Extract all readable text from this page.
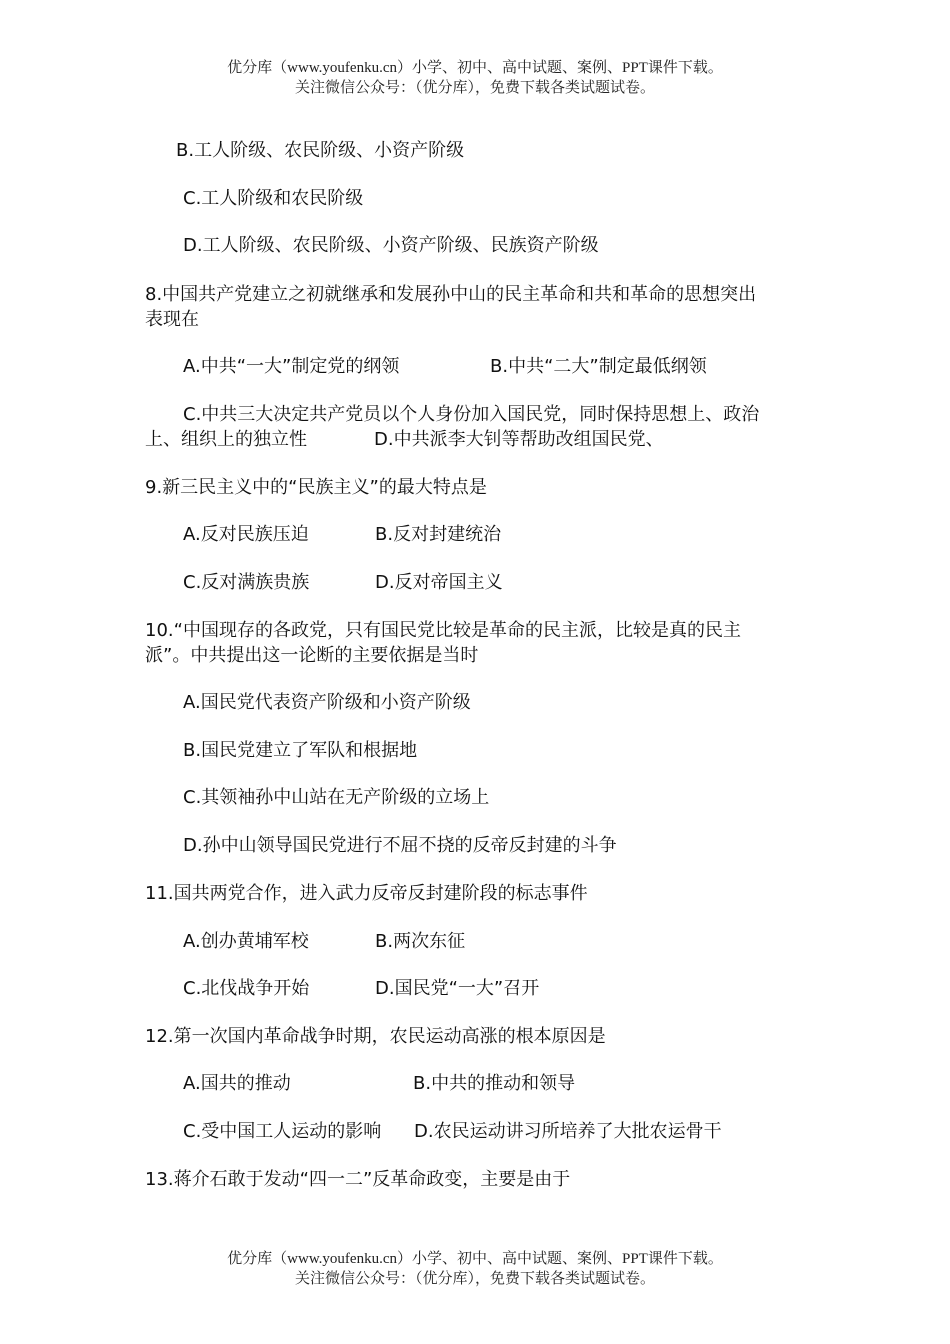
优分库（www.youfenku.cn）小学、初中、高中试题、案例、PPT课件下载。
关注微信公众号：（优分库），免费下载各类试题试卷。
B.工人阶级、农民阶级、小资产阶级
C.工人阶级和农民阶级
D.工人阶级、农民阶级、小资产阶级、民族资产阶级
8.中国共产党建立之初就继承和发展孙中山的民主革命和共和革命的思想突出
表现在
A.中共“一大”制定党的纲领	B.中共“二大”制定最低纲领
C.中共三大决定共产党员以个人身份加入国民党，同时保持思想上、政治
上、组织上的独立性	D.中共派李大钊等帮助改组国民党、
9.新三民主义中的“民族主义”的最大特点是
A.反对民族压迫	B.反对封建统治
C.反对满族贵族	D.反对帝国主义
10.“中国现存的各政党，只有国民党比较是革命的民主派，比较是真的民主
派”。中共提出这一论断的主要依据是当时
A.国民党代表资产阶级和小资产阶级
B.国民党建立了军队和根据地
C.其领袖孙中山站在无产阶级的立场上
D.孙中山领导国民党进行不屈不挠的反帝反封建的斗争
11.国共两党合作，进入武力反帝反封建阶段的标志事件
A.创办黄埔军校	B.两次东征
C.北伐战争开始	D.国民党“一大”召开
12.第一次国内革命战争时期，农民运动高涨的根本原因是
A.国共的推动	B.中共的推动和领导
C.受中国工人运动的影响 D.农民运动讲习所培养了大批农运骨干
13.蒋介石敢于发动“四一二”反革命政变，主要是由于
优分库（www.youfenku.cn）小学、初中、高中试题、案例、PPT课件下载。
关注微信公众号：（优分库），免费下载各类试题试卷。
